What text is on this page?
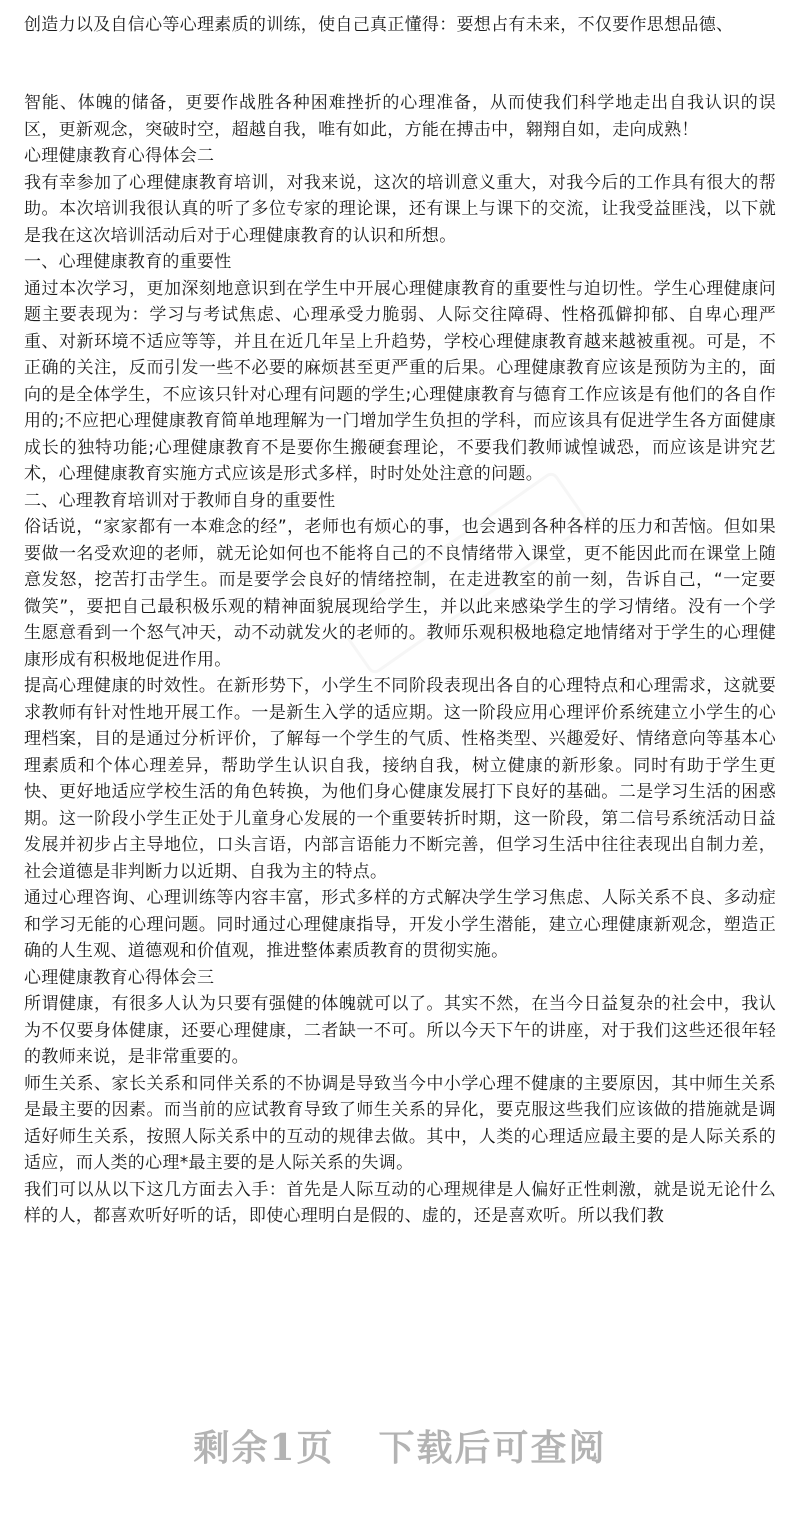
创造力以及自信心等心理素质的训练，使自己真正懂得：要想占有未来，不仅要作思想品德、

智能、体魄的储备，更要作战胜各种困难挫折的心理准备，从而使我们科学地走出自我认识的误区，更新观念，突破时空，超越自我，唯有如此，方能在搏击中，翱翔自如，走向成熟！

心理健康教育心得体会二

我有幸参加了心理健康教育培训，对我来说，这次的培训意义重大，对我今后的工作具有很大的帮助。本次培训我很认真的听了多位专家的理论课，还有课上与课下的交流，让我受益匪浅，以下就是我在这次培训活动后对于心理健康教育的认识和所想。

一、心理健康教育的重要性

通过本次学习，更加深刻地意识到在学生中开展心理健康教育的重要性与迫切性。学生心理健康问题主要表现为：学习与考试焦虑、心理承受力脆弱、人际交往障碍、性格孤僻抑郁、自卑心理严重、对新环境不适应等等，并且在近几年呈上升趋势，学校心理健康教育越来越被重视。可是，不正确的关注，反而引发一些不必要的麻烦甚至更严重的后果。心理健康教育应该是预防为主的，面向的是全体学生，不应该只针对心理有问题的学生;心理健康教育与德育工作应该是有他们的各自作用的;不应把心理健康教育简单地理解为一门增加学生负担的学科，而应该具有促进学生各方面健康成长的独特功能;心理健康教育不是要你生搬硬套理论，不要我们教师诚惶诚恐，而应该是讲究艺术，心理健康教育实施方式应该是形式多样，时时处处注意的问题。

二、心理教育培训对于教师自身的重要性

俗话说，“家家都有一本难念的经”，老师也有烦心的事，也会遇到各种各样的压力和苦恼。但如果要做一名受欢迎的老师，就无论如何也不能将自己的不良情绪带入课堂，更不能因此而在课堂上随意发怒，挖苦打击学生。而是要学会良好的情绪控制，在走进教室的前一刻，告诉自己，“一定要微笑”，要把自己最积极乐观的精神面貌展现给学生，并以此来感染学生的学习情绪。没有一个学生愿意看到一个怒气冲天，动不动就发火的老师的。教师乐观积极地稳定地情绪对于学生的心理健康形成有积极地促进作用。

提高心理健康的时效性。在新形势下，小学生不同阶段表现出各自的心理特点和心理需求，这就要求教师有针对性地开展工作。一是新生入学的适应期。这一阶段应用心理评价系统建立小学生的心理档案，目的是通过分析评价，了解每一个学生的气质、性格类型、兴趣爱好、情绪意向等基本心理素质和个体心理差异，帮助学生认识自我，接纳自我，树立健康的新形象。同时有助于学生更快、更好地适应学校生活的角色转换，为他们身心健康发展打下良好的基础。二是学习生活的困惑期。这一阶段小学生正处于儿童身心发展的一个重要转折时期，这一阶段，第二信号系统活动日益发展并初步占主导地位，口头言语，内部言语能力不断完善，但学习生活中往往表现出自制力差，社会道德是非判断力以近期、自我为主的特点。

通过心理咨询、心理训练等内容丰富，形式多样的方式解决学生学习焦虑、人际关系不良、多动症和学习无能的心理问题。同时通过心理健康指导，开发小学生潜能，建立心理健康新观念，塑造正确的人生观、道德观和价值观，推进整体素质教育的贯彻实施。

心理健康教育心得体会三

所谓健康，有很多人认为只要有强健的体魄就可以了。其实不然，在当今日益复杂的社会中，我认为不仅要身体健康，还要心理健康，二者缺一不可。所以今天下午的讲座，对于我们这些还很年轻的教师来说，是非常重要的。

师生关系、家长关系和同伴关系的不协调是导致当今中小学心理不健康的主要原因，其中师生关系是最主要的因素。而当前的应试教育导致了师生关系的异化，要克服这些我们应该做的措施就是调适好师生关系，按照人际关系中的互动的规律去做。其中，人类的心理适应最主要的是人际关系的适应，而人类的心理*最主要的是人际关系的失调。

我们可以从以下这几方面去入手：首先是人际互动的心理规律是人偏好正性刺激，就是说无论什么样的人，都喜欢听好听的话，即使心理明白是假的、虚的，还是喜欢听。所以我们教

剩余1页 下载后可查阅
